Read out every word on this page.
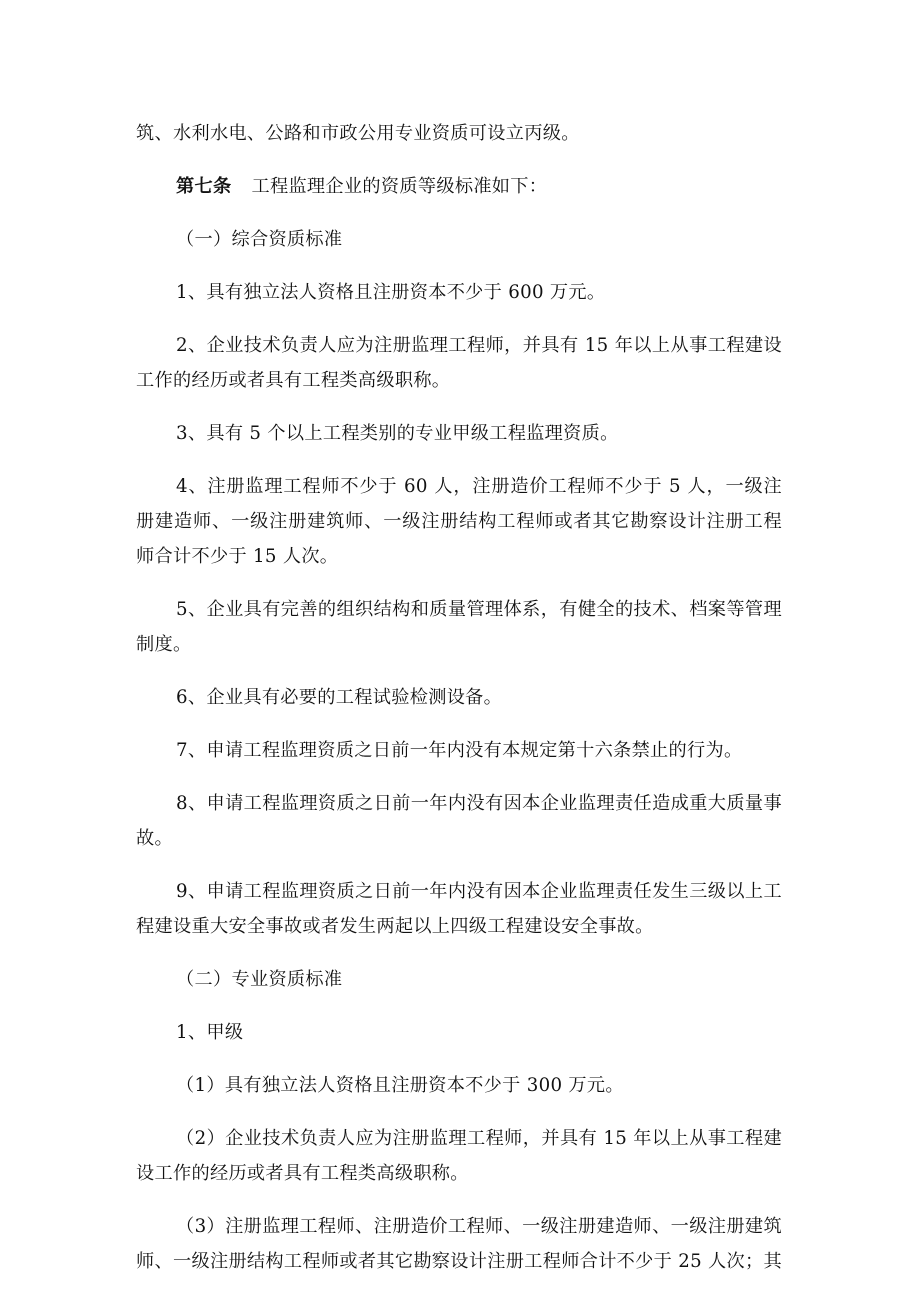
筑、水利水电、公路和市政公用专业资质可设立丙级。

第七条 工程监理企业的资质等级标准如下：

（一）综合资质标准

1、具有独立法人资格且注册资本不少于 600 万元。

2、企业技术负责人应为注册监理工程师，并具有 15 年以上从事工程建设工作的经历或者具有工程类高级职称。

3、具有 5 个以上工程类别的专业甲级工程监理资质。

4、注册监理工程师不少于 60 人，注册造价工程师不少于 5 人，一级注册建造师、一级注册建筑师、一级注册结构工程师或者其它勘察设计注册工程师合计不少于 15 人次。

5、企业具有完善的组织结构和质量管理体系，有健全的技术、档案等管理制度。

6、企业具有必要的工程试验检测设备。

7、申请工程监理资质之日前一年内没有本规定第十六条禁止的行为。

8、申请工程监理资质之日前一年内没有因本企业监理责任造成重大质量事故。

9、申请工程监理资质之日前一年内没有因本企业监理责任发生三级以上工程建设重大安全事故或者发生两起以上四级工程建设安全事故。

（二）专业资质标准

1、甲级

（1）具有独立法人资格且注册资本不少于 300 万元。

（2）企业技术负责人应为注册监理工程师，并具有 15 年以上从事工程建设工作的经历或者具有工程类高级职称。

（3）注册监理工程师、注册造价工程师、一级注册建造师、一级注册建筑师、一级注册结构工程师或者其它勘察设计注册工程师合计不少于 25 人次；其
